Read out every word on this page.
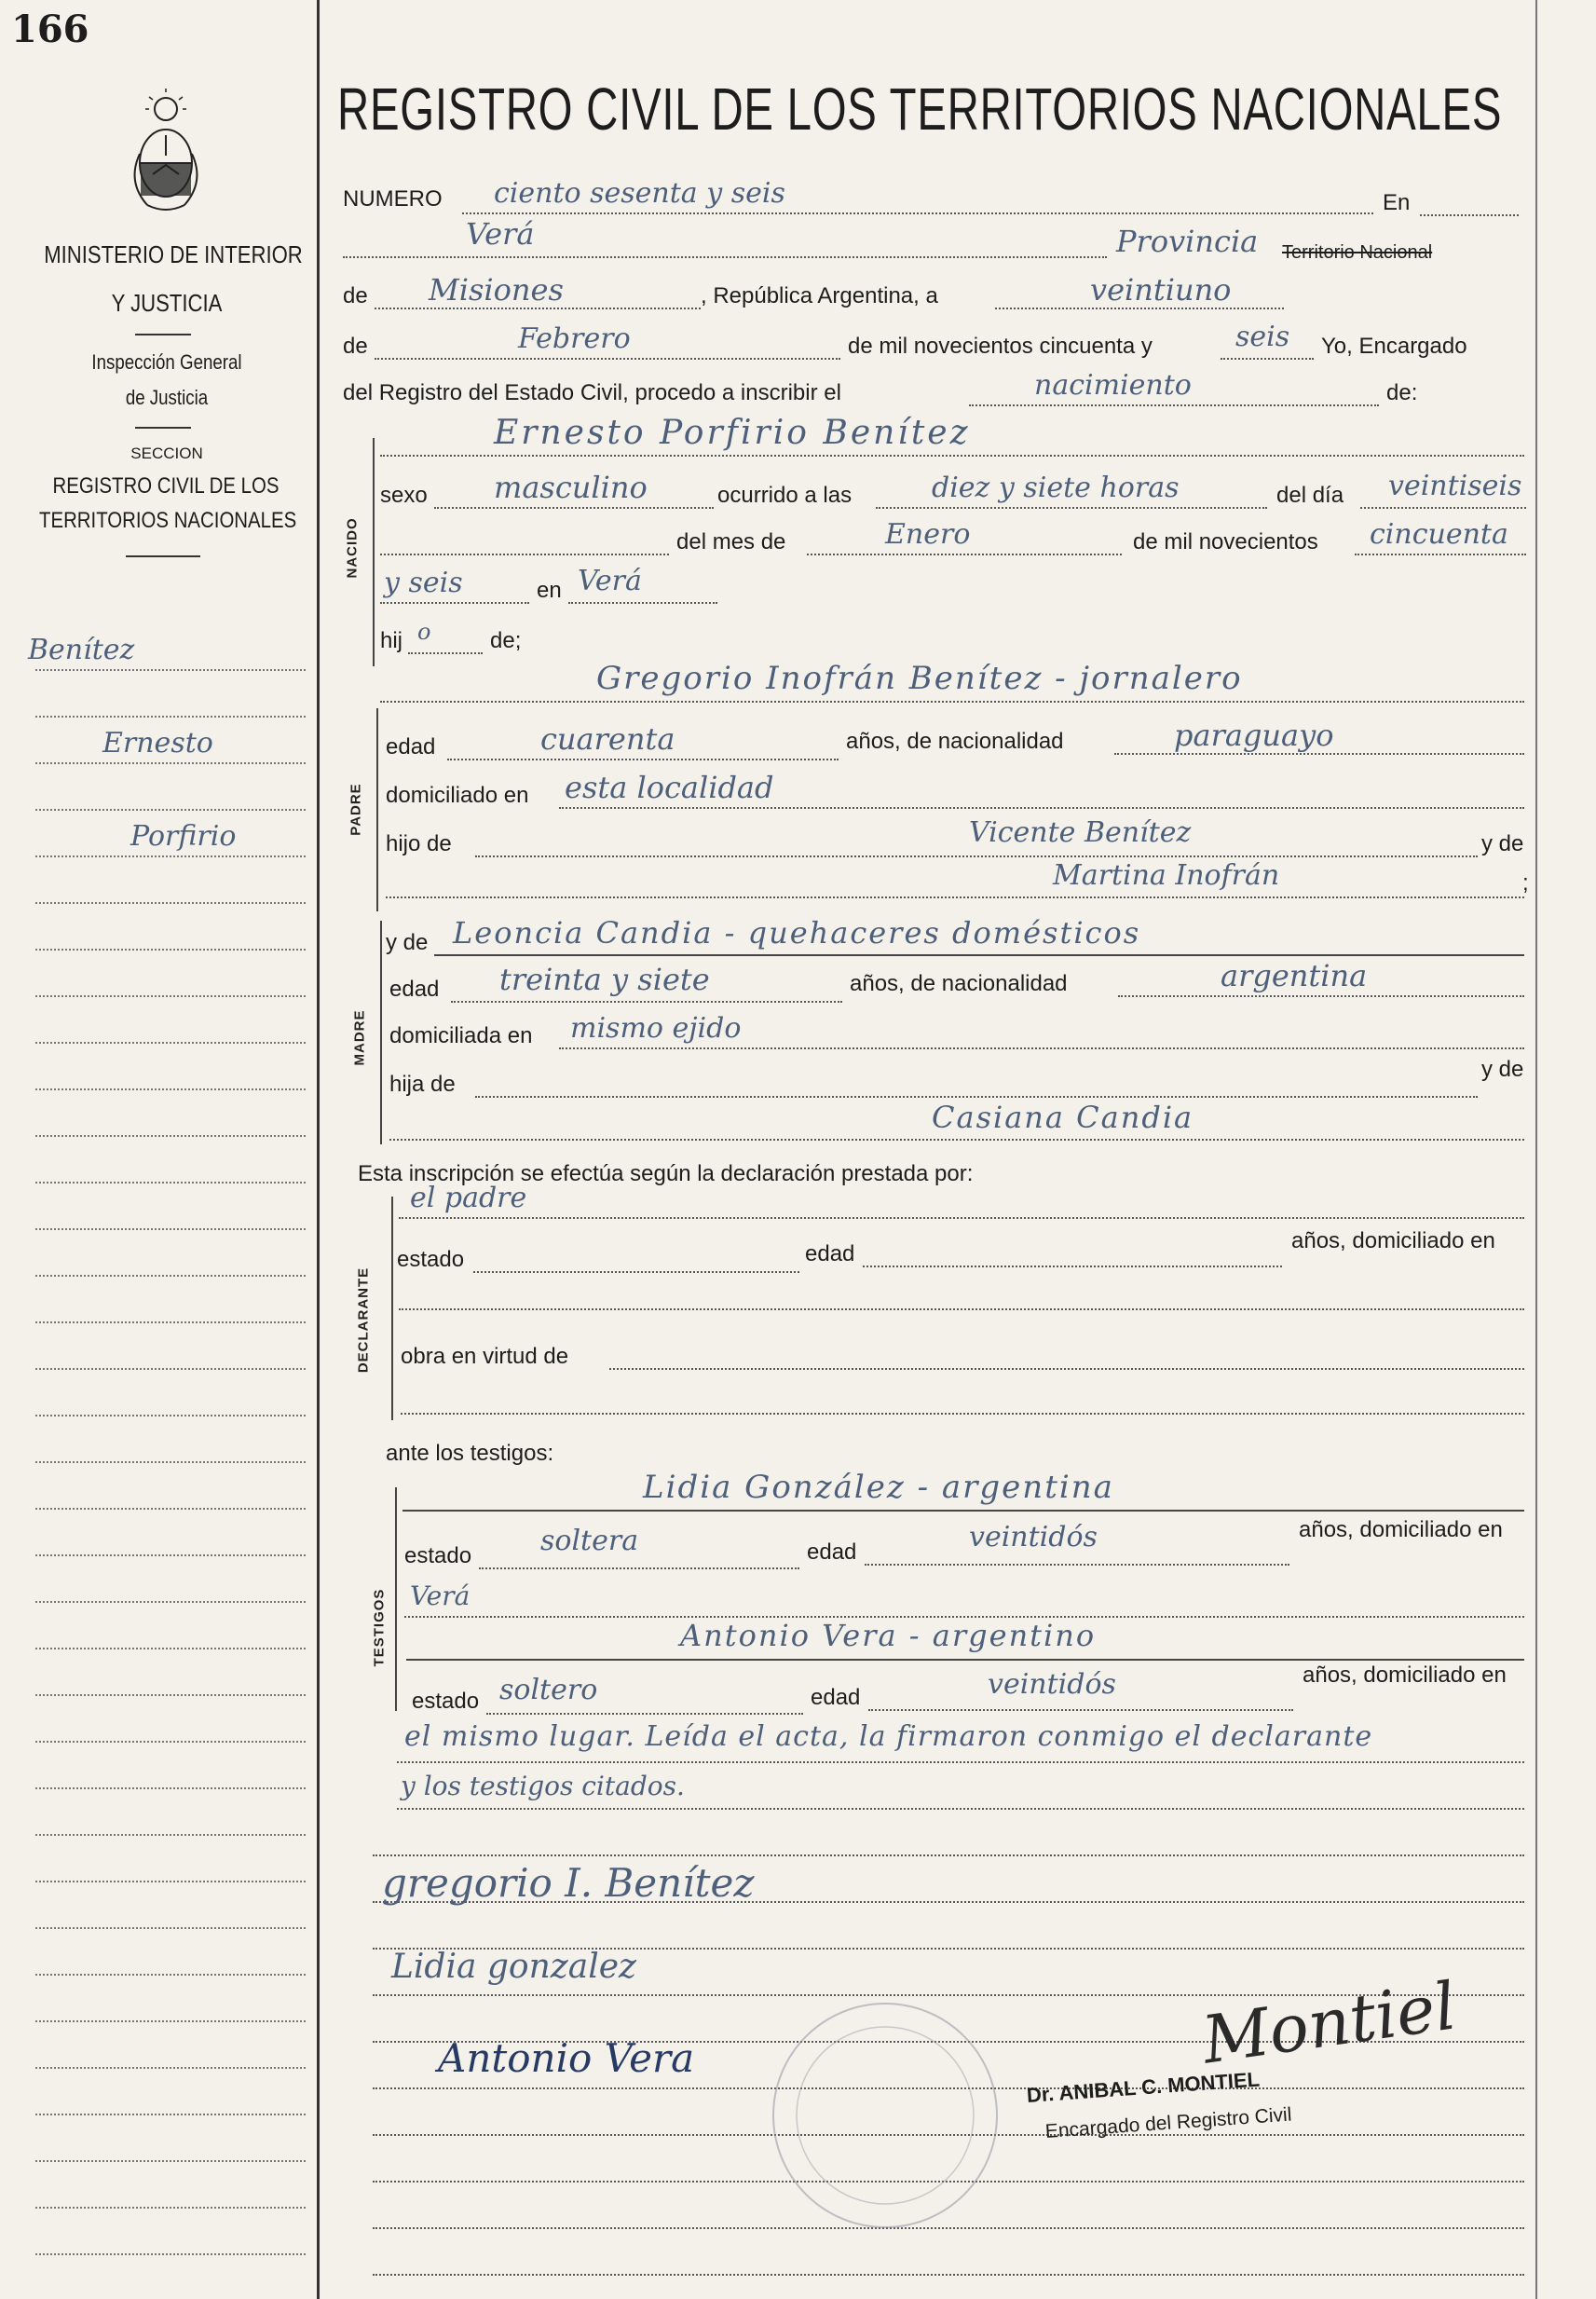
166
MINISTERIO DE INTERIOR
Y JUSTICIA
Inspección General
de Justicia
SECCION
REGISTRO CIVIL DE LOS
TERRITORIOS NACIONALES
Benítez
Ernesto
Porfirio
REGISTRO CIVIL DE LOS TERRITORIOS NACIONALES
NUMERO ciento sesenta y seis	En
Verá	Provincia Territorio Nacional
de Misiones	, República Argentina, a	veintiuno
de	Febrero	de mil novecientos cincuenta y	seis Yo, Encargado
del Registro del Estado Civil, procedo a inscribir el	nacimiento	de:
NACIDO
Ernesto Porfirio Benítez
sexo masculino	ocurrido a las	diez y siete horas	del día veintiseis
del mes de	Enero	de mil novecientos cincuenta
y seis	en Verá
hij o	de;
Gregorio Inofrán Benítez - jornalero
PADRE
edad	cuarenta	años, de nacionalidad	paraguayo
domiciliado en esta localidad
hijo de	Vicente Benítez	y de
Martina Inofrán	;
MADRE
y de Leoncia Candia - quehaceres domésticos
edad treinta y siete	años, de nacionalidad	argentina
domiciliada en mismo ejido
hija de
y de
Casiana Candia
Esta inscripción se efectúa según la declaración prestada por:
DECLARANTE
el padre
estado	edad
años, domiciliado en
obra en virtud de
ante los testigos:
TESTIGOS
Lidia González - argentina
estado soltera	edad	veintidós	años, domiciliado en
Verá
Antonio Vera - argentino
estado soltero	edad	veintidós	años, domiciliado en
el mismo lugar. Leída el acta, la firmaron conmigo el declarante
y los testigos citados.
gregorio I. Benítez
Lidia gonzalez
Antonio Vera	Montiel
Dr. ANIBAL C. MONTIEL
Encargado del Registro Civil
